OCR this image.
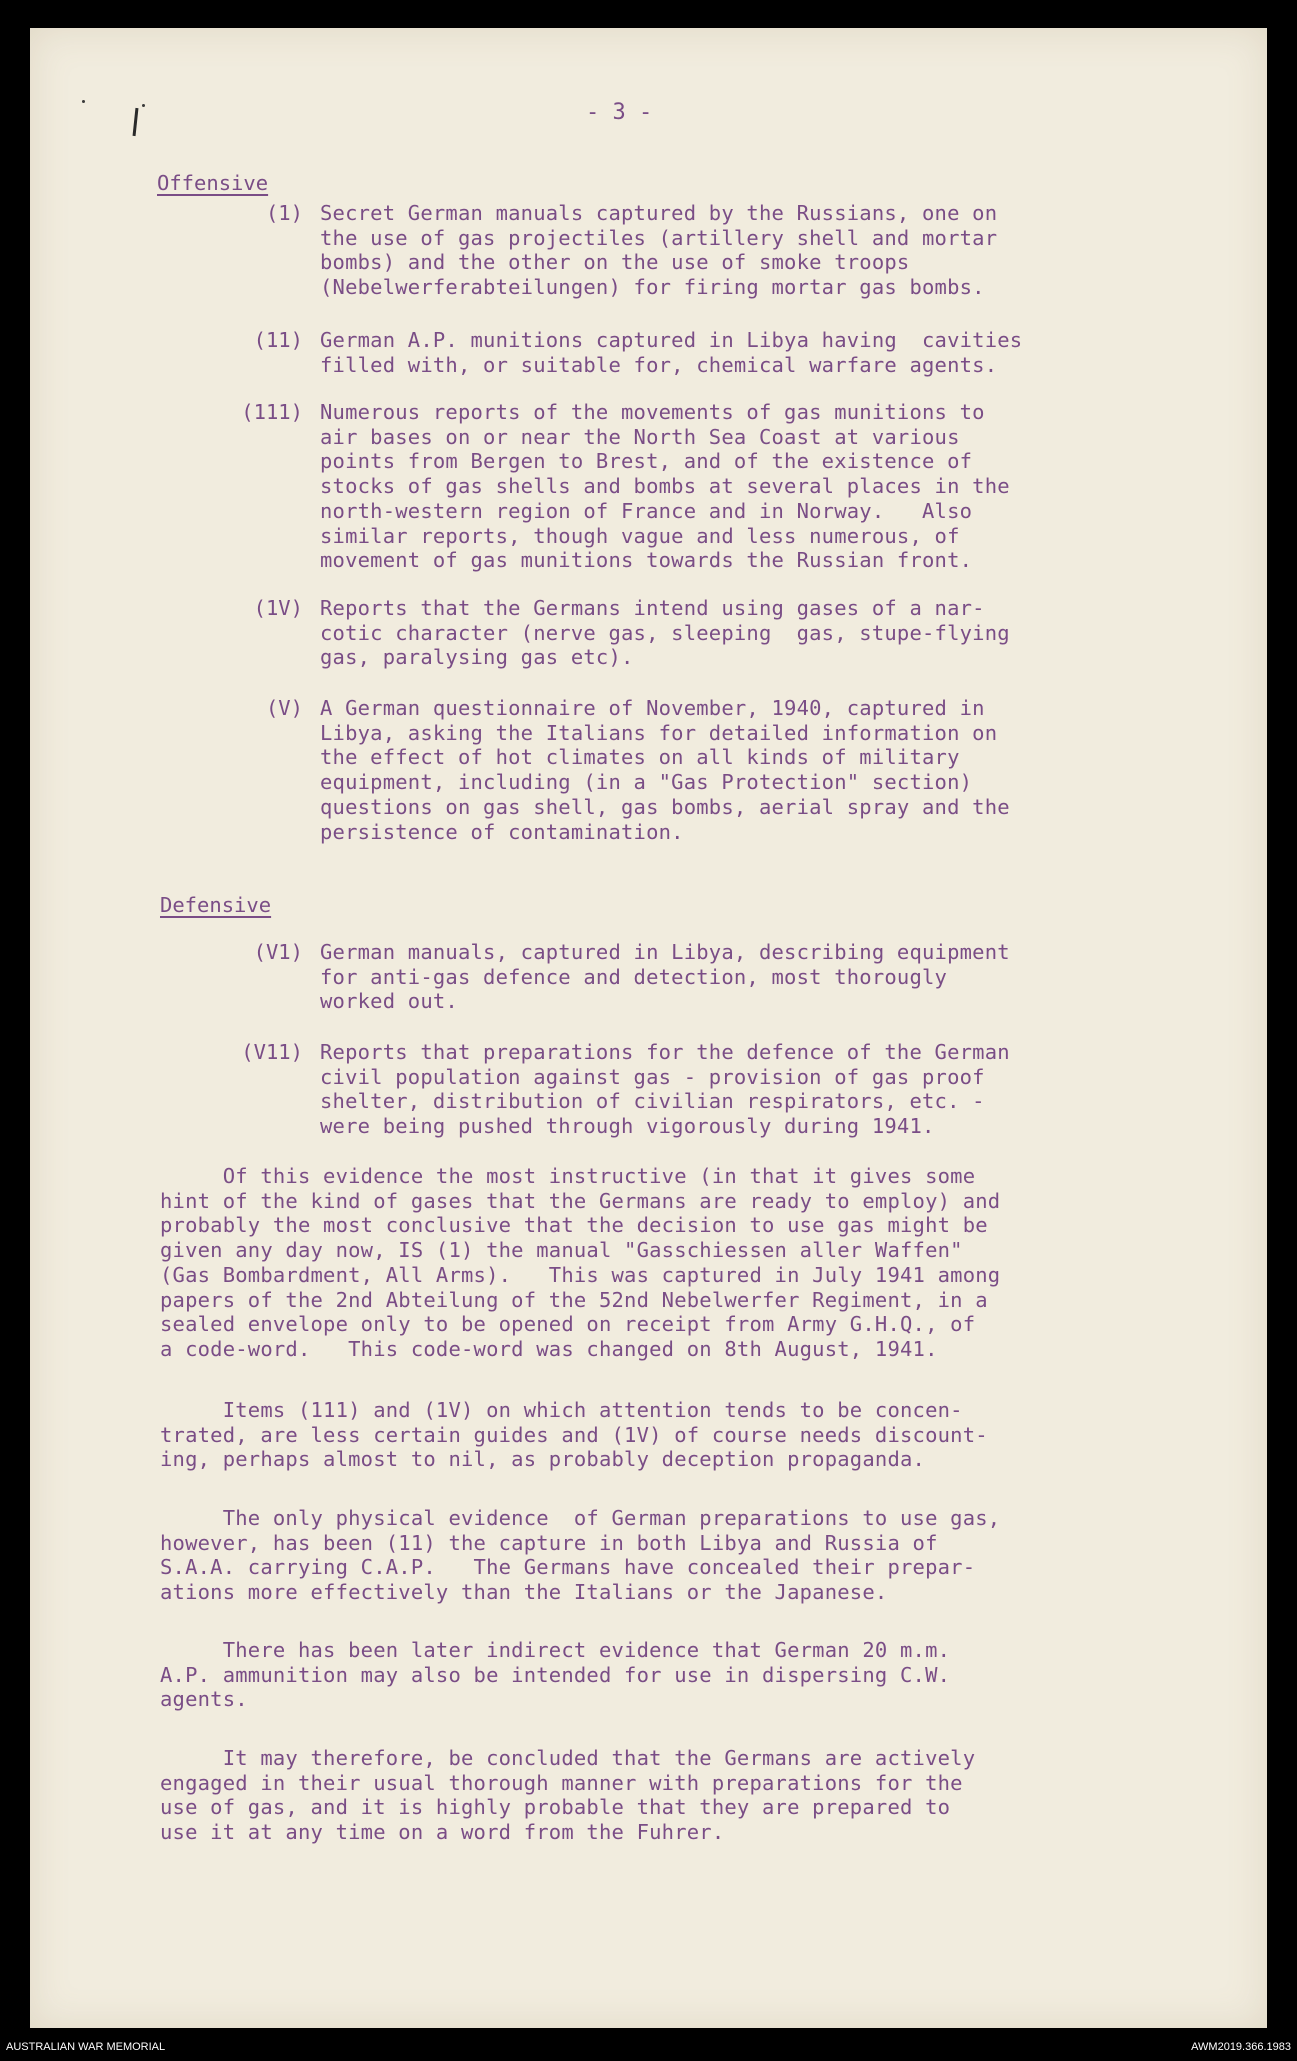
- 3 -
Offensive
(1) Secret German manuals captured by the Russians, one on
the use of gas projectiles (artillery shell and mortar
bombs) and the other on the use of smoke troops
(Nebelwerferabteilungen) for firing mortar gas bombs.
(11) German A.P. munitions captured in Libya having  cavities
filled with, or suitable for, chemical warfare agents.
(111) Numerous reports of the movements of gas munitions to
air bases on or near the North Sea Coast at various
points from Bergen to Brest, and of the existence of
stocks of gas shells and bombs at several places in the
north-western region of France and in Norway.   Also
similar reports, though vague and less numerous, of
movement of gas munitions towards the Russian front.
(1V) Reports that the Germans intend using gases of a nar-
cotic character (nerve gas, sleeping  gas, stupe-flying
gas, paralysing gas etc).
(V) A German questionnaire of November, 1940, captured in
Libya, asking the Italians for detailed information on
the effect of hot climates on all kinds of military
equipment, including (in a "Gas Protection" section)
questions on gas shell, gas bombs, aerial spray and the
persistence of contamination.
Defensive
(V1) German manuals, captured in Libya, describing equipment
for anti-gas defence and detection, most thorougly
worked out.
(V11) Reports that preparations for the defence of the German
civil population against gas - provision of gas proof
shelter, distribution of civilian respirators, etc. -
were being pushed through vigorously during 1941.
Of this evidence the most instructive (in that it gives some
hint of the kind of gases that the Germans are ready to employ) and
probably the most conclusive that the decision to use gas might be
given any day now, IS (1) the manual "Gasschiessen aller Waffen"
(Gas Bombardment, All Arms).   This was captured in July 1941 among
papers of the 2nd Abteilung of the 52nd Nebelwerfer Regiment, in a
sealed envelope only to be opened on receipt from Army G.H.Q., of
a code-word.   This code-word was changed on 8th August, 1941.
Items (111) and (1V) on which attention tends to be concen-
trated, are less certain guides and (1V) of course needs discount-
ing, perhaps almost to nil, as probably deception propaganda.
The only physical evidence  of German preparations to use gas,
however, has been (11) the capture in both Libya and Russia of
S.A.A. carrying C.A.P.   The Germans have concealed their prepar-
ations more effectively than the Italians or the Japanese.
There has been later indirect evidence that German 20 m.m.
A.P. ammunition may also be intended for use in dispersing C.W.
agents.
It may therefore, be concluded that the Germans are actively
engaged in their usual thorough manner with preparations for the
use of gas, and it is highly probable that they are prepared to
use it at any time on a word from the Fuhrer.
AUSTRALIAN WAR MEMORIAL	AWM2019.366.1983
